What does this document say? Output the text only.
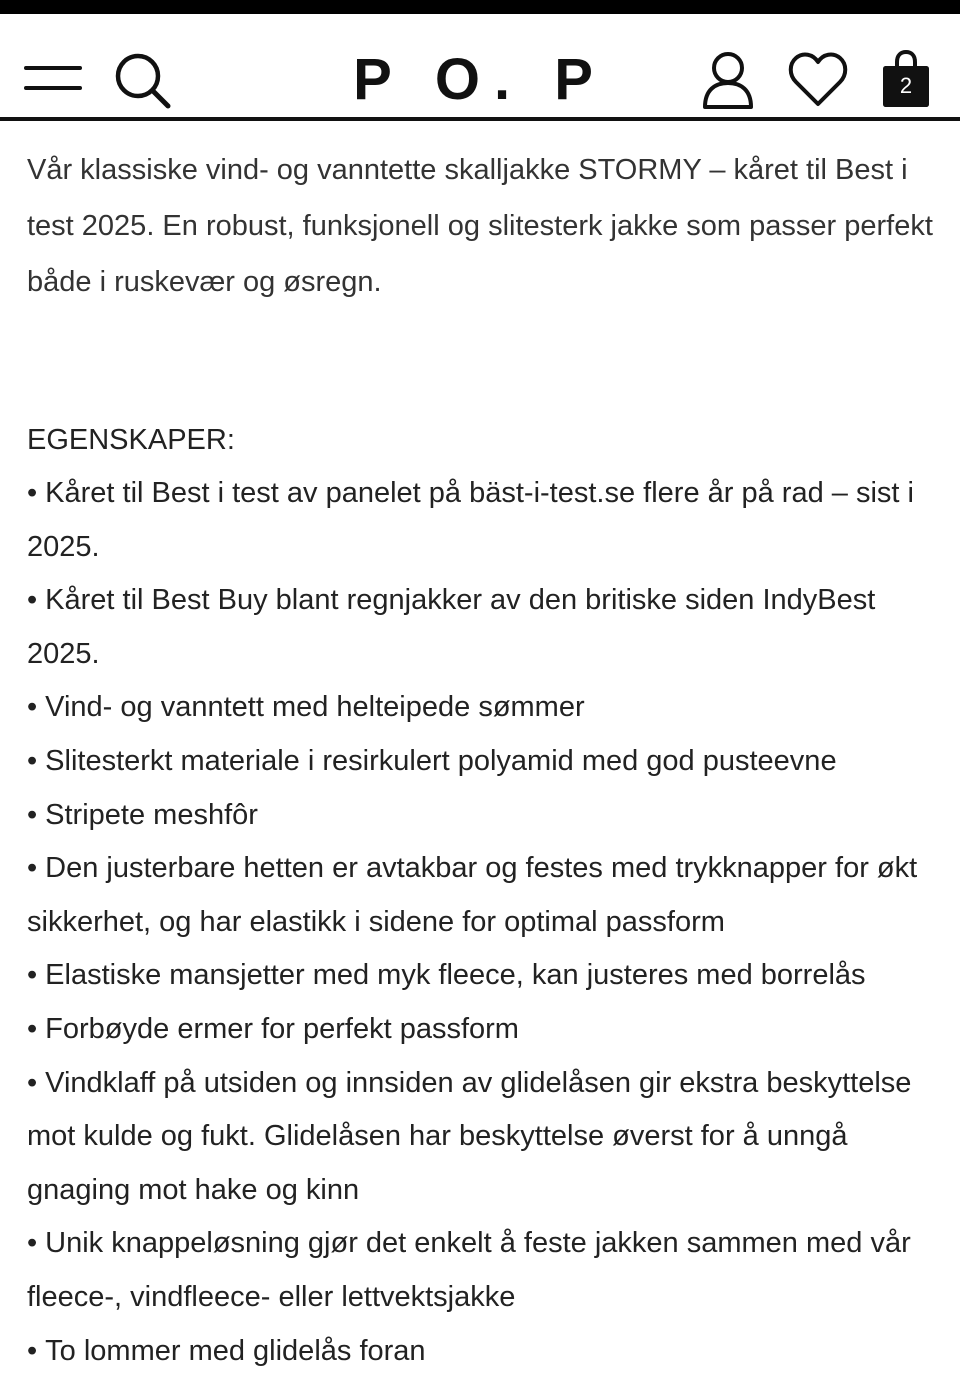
P O. P	2

Vår klassiske vind- og vanntette skalljakke STORMY – kåret til Best i test 2025. En robust, funksjonell og slitesterk jakke som passer perfekt både i ruskevær og øsregn.

EGENSKAPER:
• Kåret til Best i test av panelet på bäst-i-test.se flere år på rad – sist i 2025.
• Kåret til Best Buy blant regnjakker av den britiske siden IndyBest 2025.
• Vind- og vanntett med helteipede sømmer
• Slitesterkt materiale i resirkulert polyamid med god pusteevne
• Stripete meshfôr
• Den justerbare hetten er avtakbar og festes med trykknapper for økt sikkerhet, og har elastikk i sidene for optimal passform
• Elastiske mansjetter med myk fleece, kan justeres med borrelås
• Forbøyde ermer for perfekt passform
• Vindklaff på utsiden og innsiden av glidelåsen gir ekstra beskyttelse mot kulde og fukt. Glidelåsen har beskyttelse øverst for å unngå gnaging mot hake og kinn
• Unik knappeløsning gjør det enkelt å feste jakken sammen med vår fleece-, vindfleece- eller lettvektsjakke
• To lommer med glidelås foran
